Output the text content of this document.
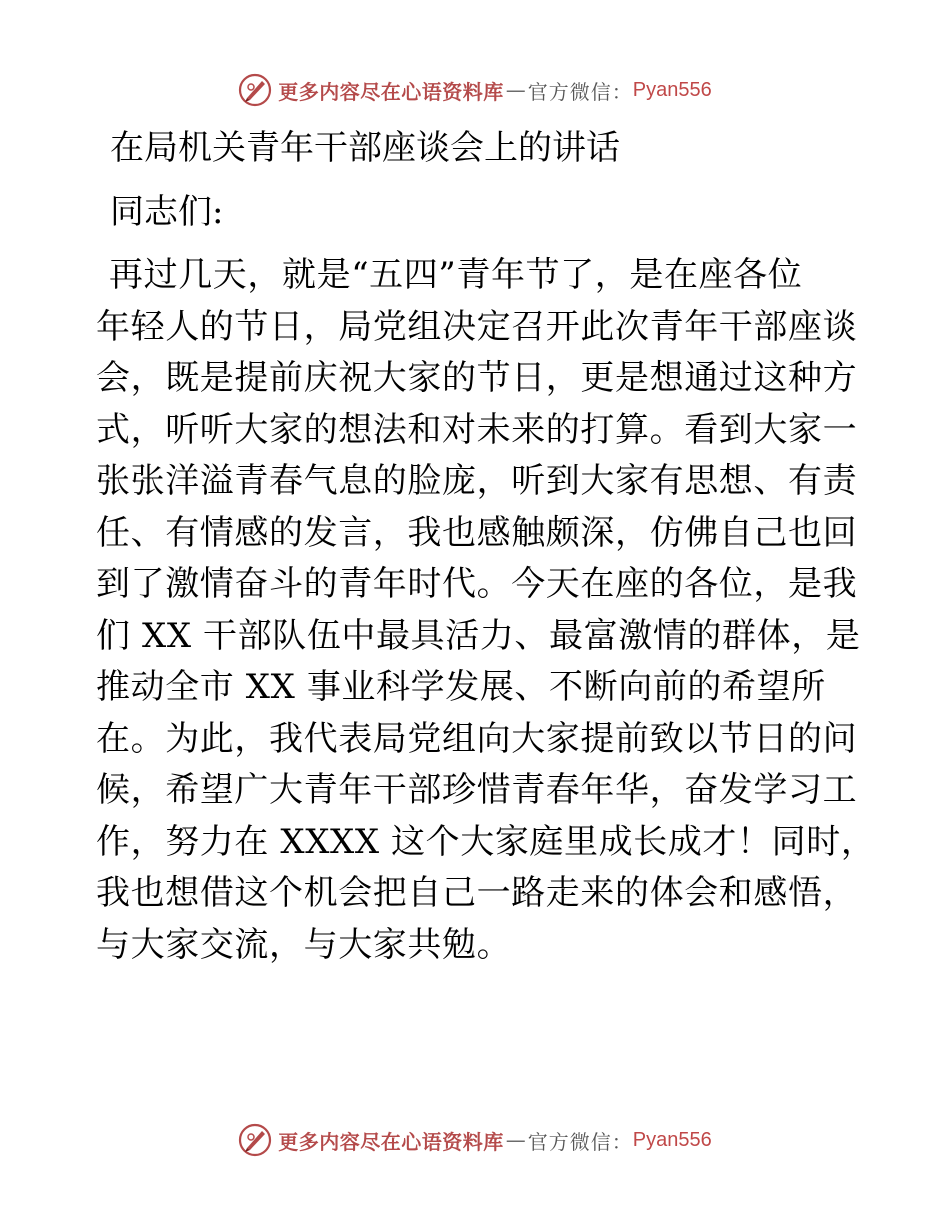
更多内容尽在心语资料库 — 官方微信： Pyan556
在局机关青年干部座谈会上的讲话
同志们:
再过几天，就是“五四”青年节了，是在座各位
年轻人的节日，局党组决定召开此次青年干部座谈
会，既是提前庆祝大家的节日，更是想通过这种方
式，听听大家的想法和对未来的打算。看到大家一
张张洋溢青春气息的脸庞，听到大家有思想、有责
任、有情感的发言，我也感触颇深，仿佛自己也回
到了激情奋斗的青年时代。今天在座的各位，是我
们 XX 干部队伍中最具活力、最富激情的群体，是
推动全市 XX 事业科学发展、不断向前的希望所
在。为此，我代表局党组向大家提前致以节日的问
候，希望广大青年干部珍惜青春年华，奋发学习工
作，努力在 XXXX 这个大家庭里成长成才！同时，
我也想借这个机会把自己一路走来的体会和感悟，
与大家交流，与大家共勉。
更多内容尽在心语资料库 — 官方微信： Pyan556
